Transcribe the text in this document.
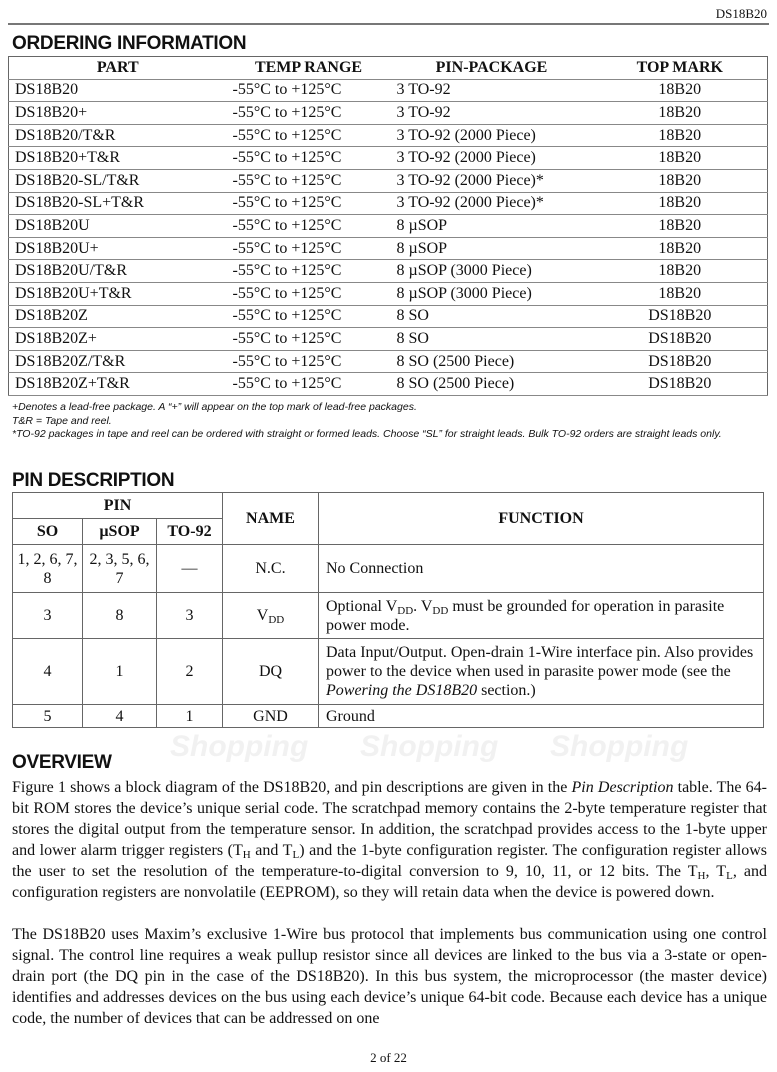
DS18B20
ORDERING INFORMATION
PART	TEMP RANGE	PIN-PACKAGE	TOP MARK
DS18B20	-55°C to +125°C	3 TO-92	18B20
DS18B20+	-55°C to +125°C	3 TO-92	18B20
DS18B20/T&R	-55°C to +125°C	3 TO-92 (2000 Piece)	18B20
DS18B20+T&R	-55°C to +125°C	3 TO-92 (2000 Piece)	18B20
DS18B20-SL/T&R	-55°C to +125°C	3 TO-92 (2000 Piece)*	18B20
DS18B20-SL+T&R	-55°C to +125°C	3 TO-92 (2000 Piece)*	18B20
DS18B20U	-55°C to +125°C	8 µSOP	18B20
DS18B20U+	-55°C to +125°C	8 µSOP	18B20
DS18B20U/T&R	-55°C to +125°C	8 µSOP (3000 Piece)	18B20
DS18B20U+T&R	-55°C to +125°C	8 µSOP (3000 Piece)	18B20
DS18B20Z	-55°C to +125°C	8 SO	DS18B20
DS18B20Z+	-55°C to +125°C	8 SO	DS18B20
DS18B20Z/T&R	-55°C to +125°C	8 SO (2500 Piece)	DS18B20
DS18B20Z+T&R	-55°C to +125°C	8 SO (2500 Piece)	DS18B20
+Denotes a lead-free package. A “+” will appear on the top mark of lead-free packages.
T&R = Tape and reel.
*TO-92 packages in tape and reel can be ordered with straight or formed leads. Choose “SL” for straight leads. Bulk TO-92 orders are straight leads only.
PIN DESCRIPTION
PIN			NAME	FUNCTION
SO	µSOP	TO-92		
1, 2, 6, 7, 8	2, 3, 5, 6, 7	—	N.C.	No Connection
3	8	3	$V_{DD}$	Optional $V_{DD}$. $V_{DD}$ must be grounded for operation in parasite power mode.
4	1	2	DQ	Data Input/Output. Open-drain 1-Wire interface pin. Also provides power to the device when used in parasite power mode (see the Powering the DS18B20 section.)
5	4	1	GND	Ground
Shopping Shopping Shopping
OVERVIEW

Figure 1 shows a block diagram of the DS18B20, and pin descriptions are given in the Pin Description table. The 64-bit ROM stores the device’s unique serial code. The scratchpad memory contains the 2-byte temperature register that stores the digital output from the temperature sensor. In addition, the scratchpad provides access to the 1-byte upper and lower alarm trigger registers ($T_H$ and $T_L$) and the 1-byte configuration register. The configuration register allows the user to set the resolution of the temperature-to-digital conversion to 9, 10, 11, or 12 bits. The $T_H$, $T_L$, and configuration registers are nonvolatile (EEPROM), so they will retain data when the device is powered down.

The DS18B20 uses Maxim’s exclusive 1-Wire bus protocol that implements bus communication using one control signal. The control line requires a weak pullup resistor since all devices are linked to the bus via a 3-state or open-drain port (the DQ pin in the case of the DS18B20). In this bus system, the microprocessor (the master device) identifies and addresses devices on the bus using each device’s unique 64-bit code. Because each device has a unique code, the number of devices that can be addressed on one

2 of 22
